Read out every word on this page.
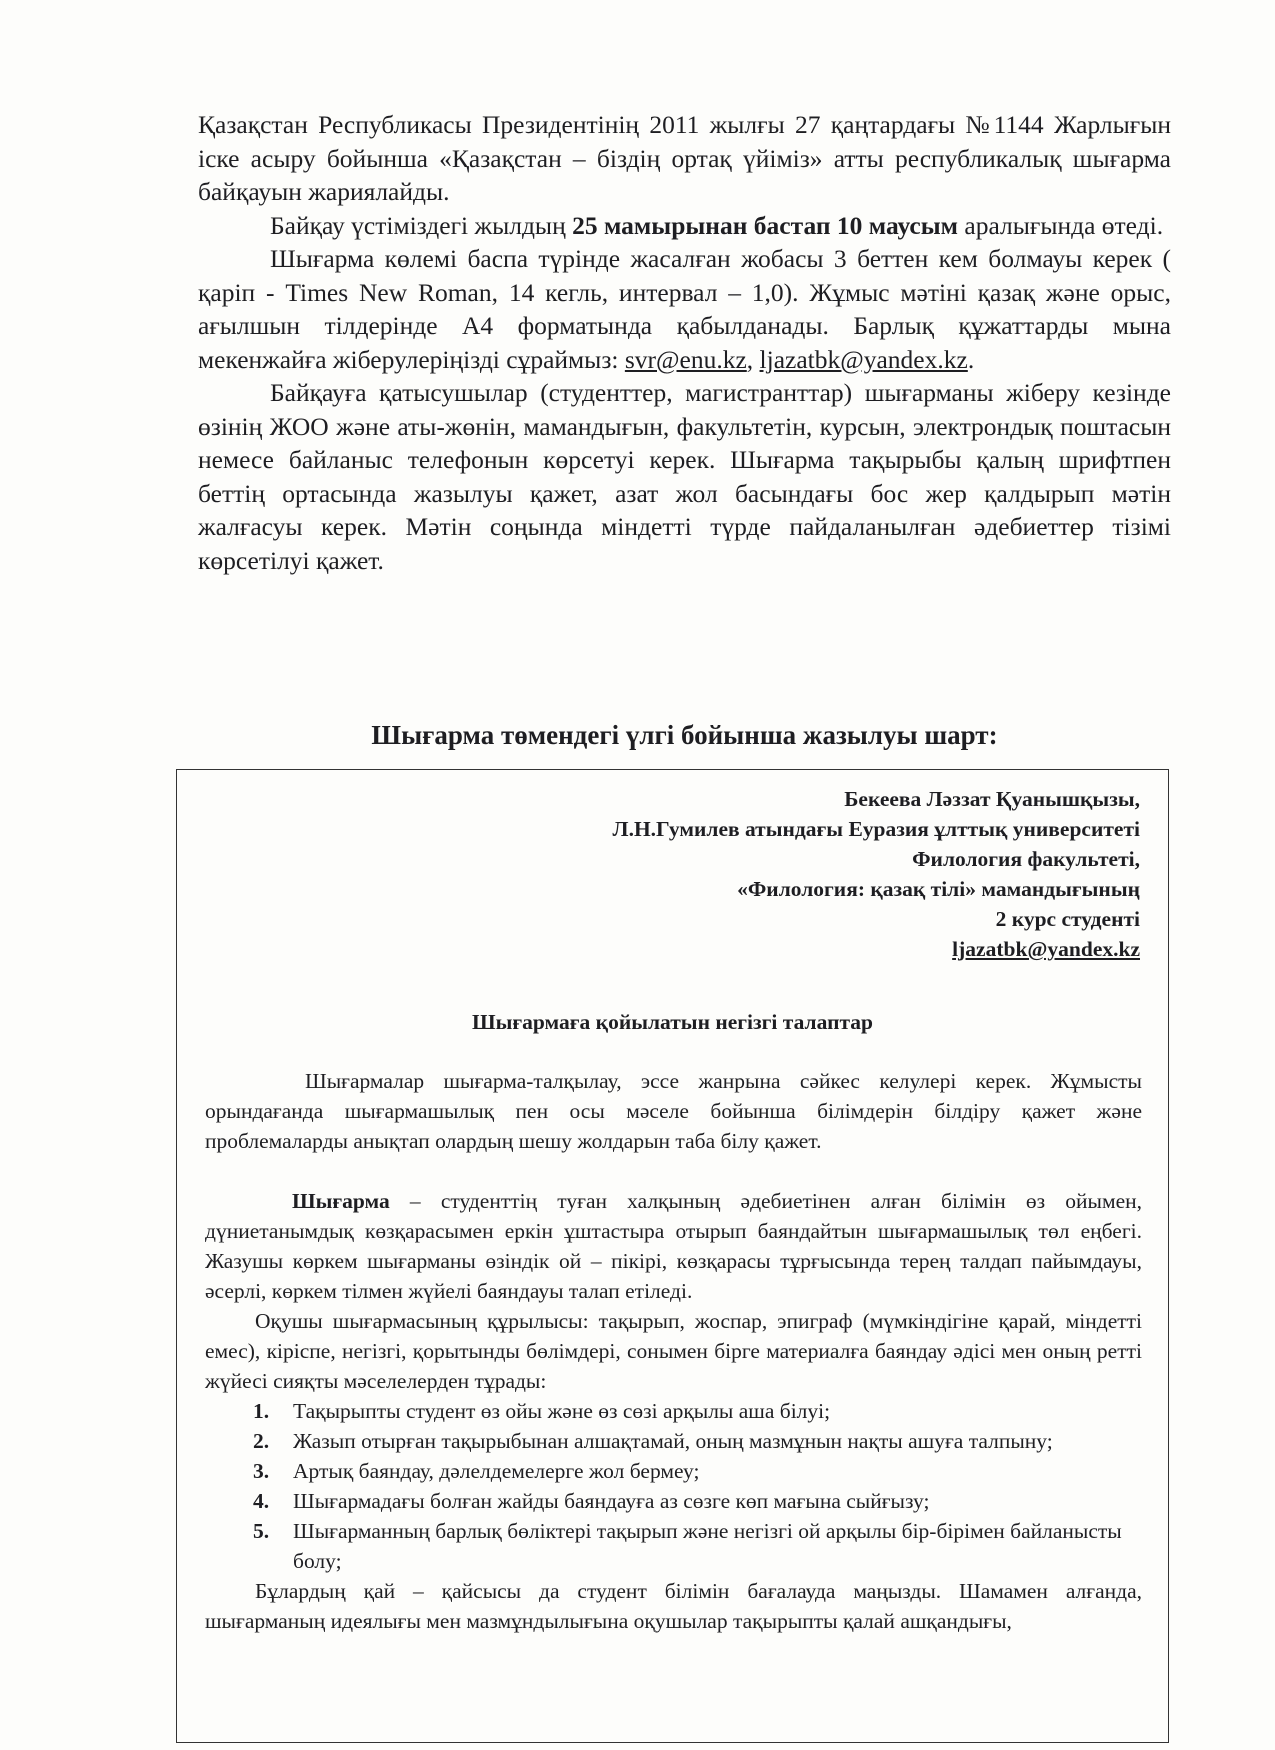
Қазақстан Республикасы Президентінің 2011 жылғы 27 қаңтардағы №1144 Жарлығын іске асыру бойынша «Қазақстан – біздің ортақ үйіміз» атты республикалық шығарма байқауын жариялайды.

Байқау үстіміздегі жылдың 25 мамырынан бастап 10 маусым аралығында өтеді.

Шығарма көлемі баспа түрінде жасалған жобасы 3 беттен кем болмауы керек ( қаріп - Times New Roman, 14 кегль, интервал – 1,0). Жұмыс мәтіні қазақ және орыс, ағылшын тілдерінде А4 форматында қабылданады. Барлық құжаттарды мына мекенжайға жіберулеріңізді сұраймыз: svr@enu.kz, ljazatbk@yandex.kz.

Байқауға қатысушылар (студенттер, магистранттар) шығарманы жіберу кезінде өзінің ЖОО және аты-жөнін, мамандығын, факультетін, курсын, электрондық поштасын немесе байланыс телефонын көрсетуі керек. Шығарма тақырыбы қалың шрифтпен беттің ортасында жазылуы қажет, азат жол басындағы бос жер қалдырып мәтін жалғасуы керек. Мәтін соңында міндетті түрде пайдаланылған әдебиеттер тізімі көрсетілуі қажет.

Шығарма төмендегі үлгі бойынша жазылуы шарт:
Бекеева Ләззат Қуанышқызы,
Л.Н.Гумилев атындағы Еуразия ұлттық университеті
Филология факультеті,
«Филология: қазақ тілі» мамандығының
2 курс студенті
ljazatbk@yandex.kz
Шығармаға қойылатын негізгі талаптар

Шығармалар шығарма-талқылау, эссе жанрына сәйкес келулері керек. Жұмысты орындағанда шығармашылық пен осы мәселе бойынша білімдерін білдіру қажет және проблемаларды анықтап олардың шешу жолдарын таба білу қажет.

Шығарма – студенттің туған халқының әдебиетінен алған білімін өз ойымен, дүниетанымдық көзқарасымен еркін ұштастыра отырып баяндайтын шығармашылық төл еңбегі. Жазушы көркем шығарманы өзіндік ой – пікірі, көзқарасы тұрғысында терең талдап пайымдауы, әсерлі, көркем тілмен жүйелі баяндауы талап етіледі.

Оқушы шығармасының құрылысы: тақырып, жоспар, эпиграф (мүмкіндігіне қарай, міндетті емес), кіріспе, негізгі, қорытынды бөлімдері, сонымен бірге материалға баяндау әдісі мен оның ретті жүйесі сияқты мәселелерден тұрады:

1.	Тақырыпты студент өз ойы және өз сөзі арқылы аша білуі;
2.	Жазып отырған тақырыбынан алшақтамай, оның мазмұнын нақты ашуға талпыну;
3.	Артық баяндау, дәлелдемелерге жол бермеу;
4.	Шығармадағы болған жайды баяндауға аз сөзге көп мағына сыйғызу;
5.	Шығарманның барлық бөліктері тақырып және негізгі ой арқылы бір-бірімен байланысты болу;

Бұлардың қай – қайсысы да студент білімін бағалауда маңызды. Шамамен алғанда, шығарманың идеялығы мен мазмұндылығына оқушылар тақырыпты қалай ашқандығы,
